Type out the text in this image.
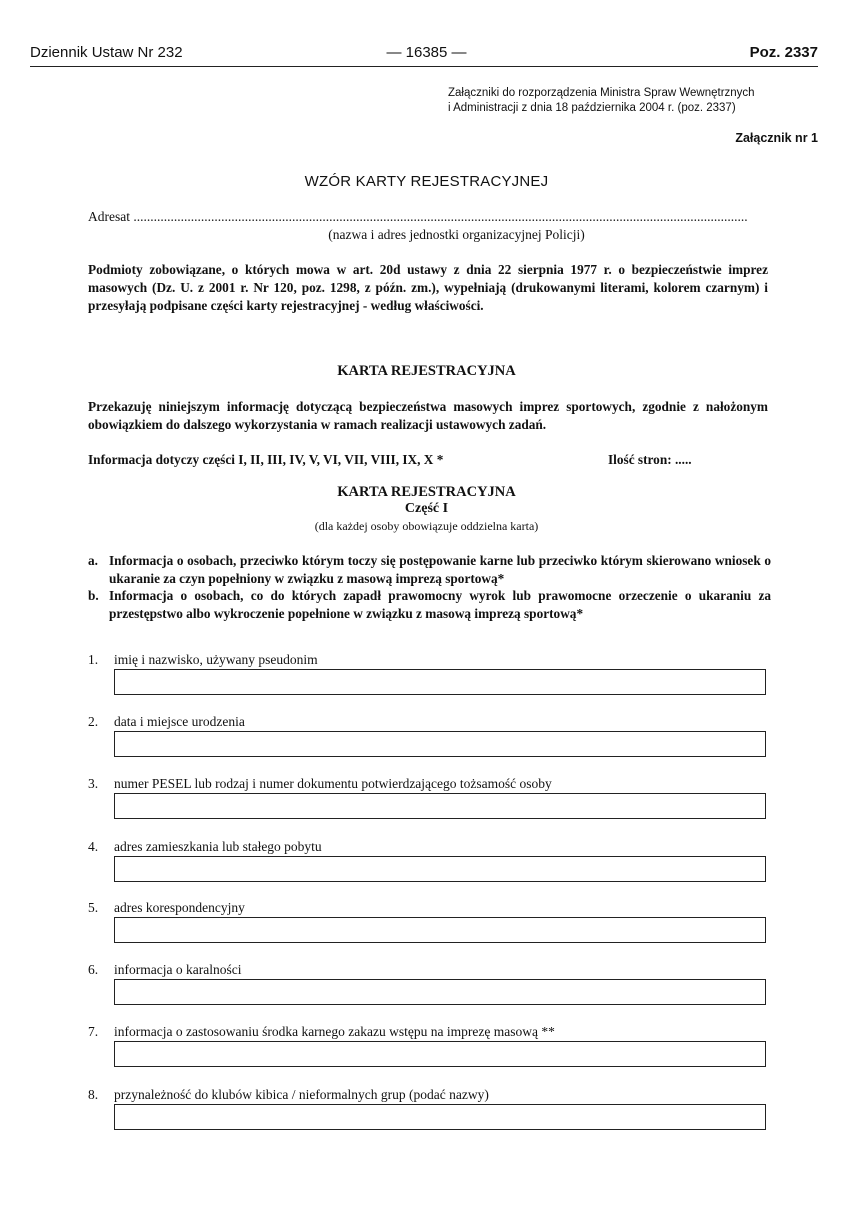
Dziennik Ustaw Nr 232	— 16385 —	Poz. 2337
Załączniki do rozporządzenia Ministra Spraw Wewnętrznych
i Administracji z dnia 18 października 2004 r. (poz. 2337)
Załącznik nr 1
WZÓR KARTY REJESTRACYJNEJ
Adresat ......................................................................................................................................................................................
(nazwa i adres jednostki organizacyjnej Policji)
Podmioty zobowiązane, o których mowa w art. 20d ustawy z dnia 22 sierpnia 1977 r. o bezpieczeństwie imprez masowych (Dz. U. z 2001 r. Nr 120, poz. 1298, z późn. zm.), wypełniają (drukowanymi literami, kolorem czarnym) i przesyłają podpisane części karty rejestracyjnej - według właściwości.
KARTA REJESTRACYJNA
Przekazuję niniejszym informację dotyczącą bezpieczeństwa masowych imprez sportowych, zgodnie z nałożonym obowiązkiem do dalszego wykorzystania w ramach realizacji ustawowych zadań.
Informacja dotyczy części I, II, III, IV, V, VI, VII, VIII, IX, X *	Ilość stron: .....
KARTA REJESTRACYJNA
Część I
(dla każdej osoby obowiązuje oddzielna karta)
a. Informacja o osobach, przeciwko którym toczy się postępowanie karne lub przeciwko którym skierowano wniosek o ukaranie za czyn popełniony w związku z masową imprezą sportową*
b. Informacja o osobach, co do których zapadł prawomocny wyrok lub prawomocne orzeczenie o ukaraniu za przestępstwo albo wykroczenie popełnione w związku z masową imprezą sportową*
1. imię i nazwisko, używany pseudonim
2. data i miejsce urodzenia
3. numer PESEL lub rodzaj i numer dokumentu potwierdzającego tożsamość osoby
4. adres zamieszkania lub stałego pobytu
5. adres korespondencyjny
6. informacja o karalności
7. informacja o zastosowaniu środka karnego zakazu wstępu na imprezę masową **
8. przynależność do klubów kibica / nieformalnych grup (podać nazwy)
